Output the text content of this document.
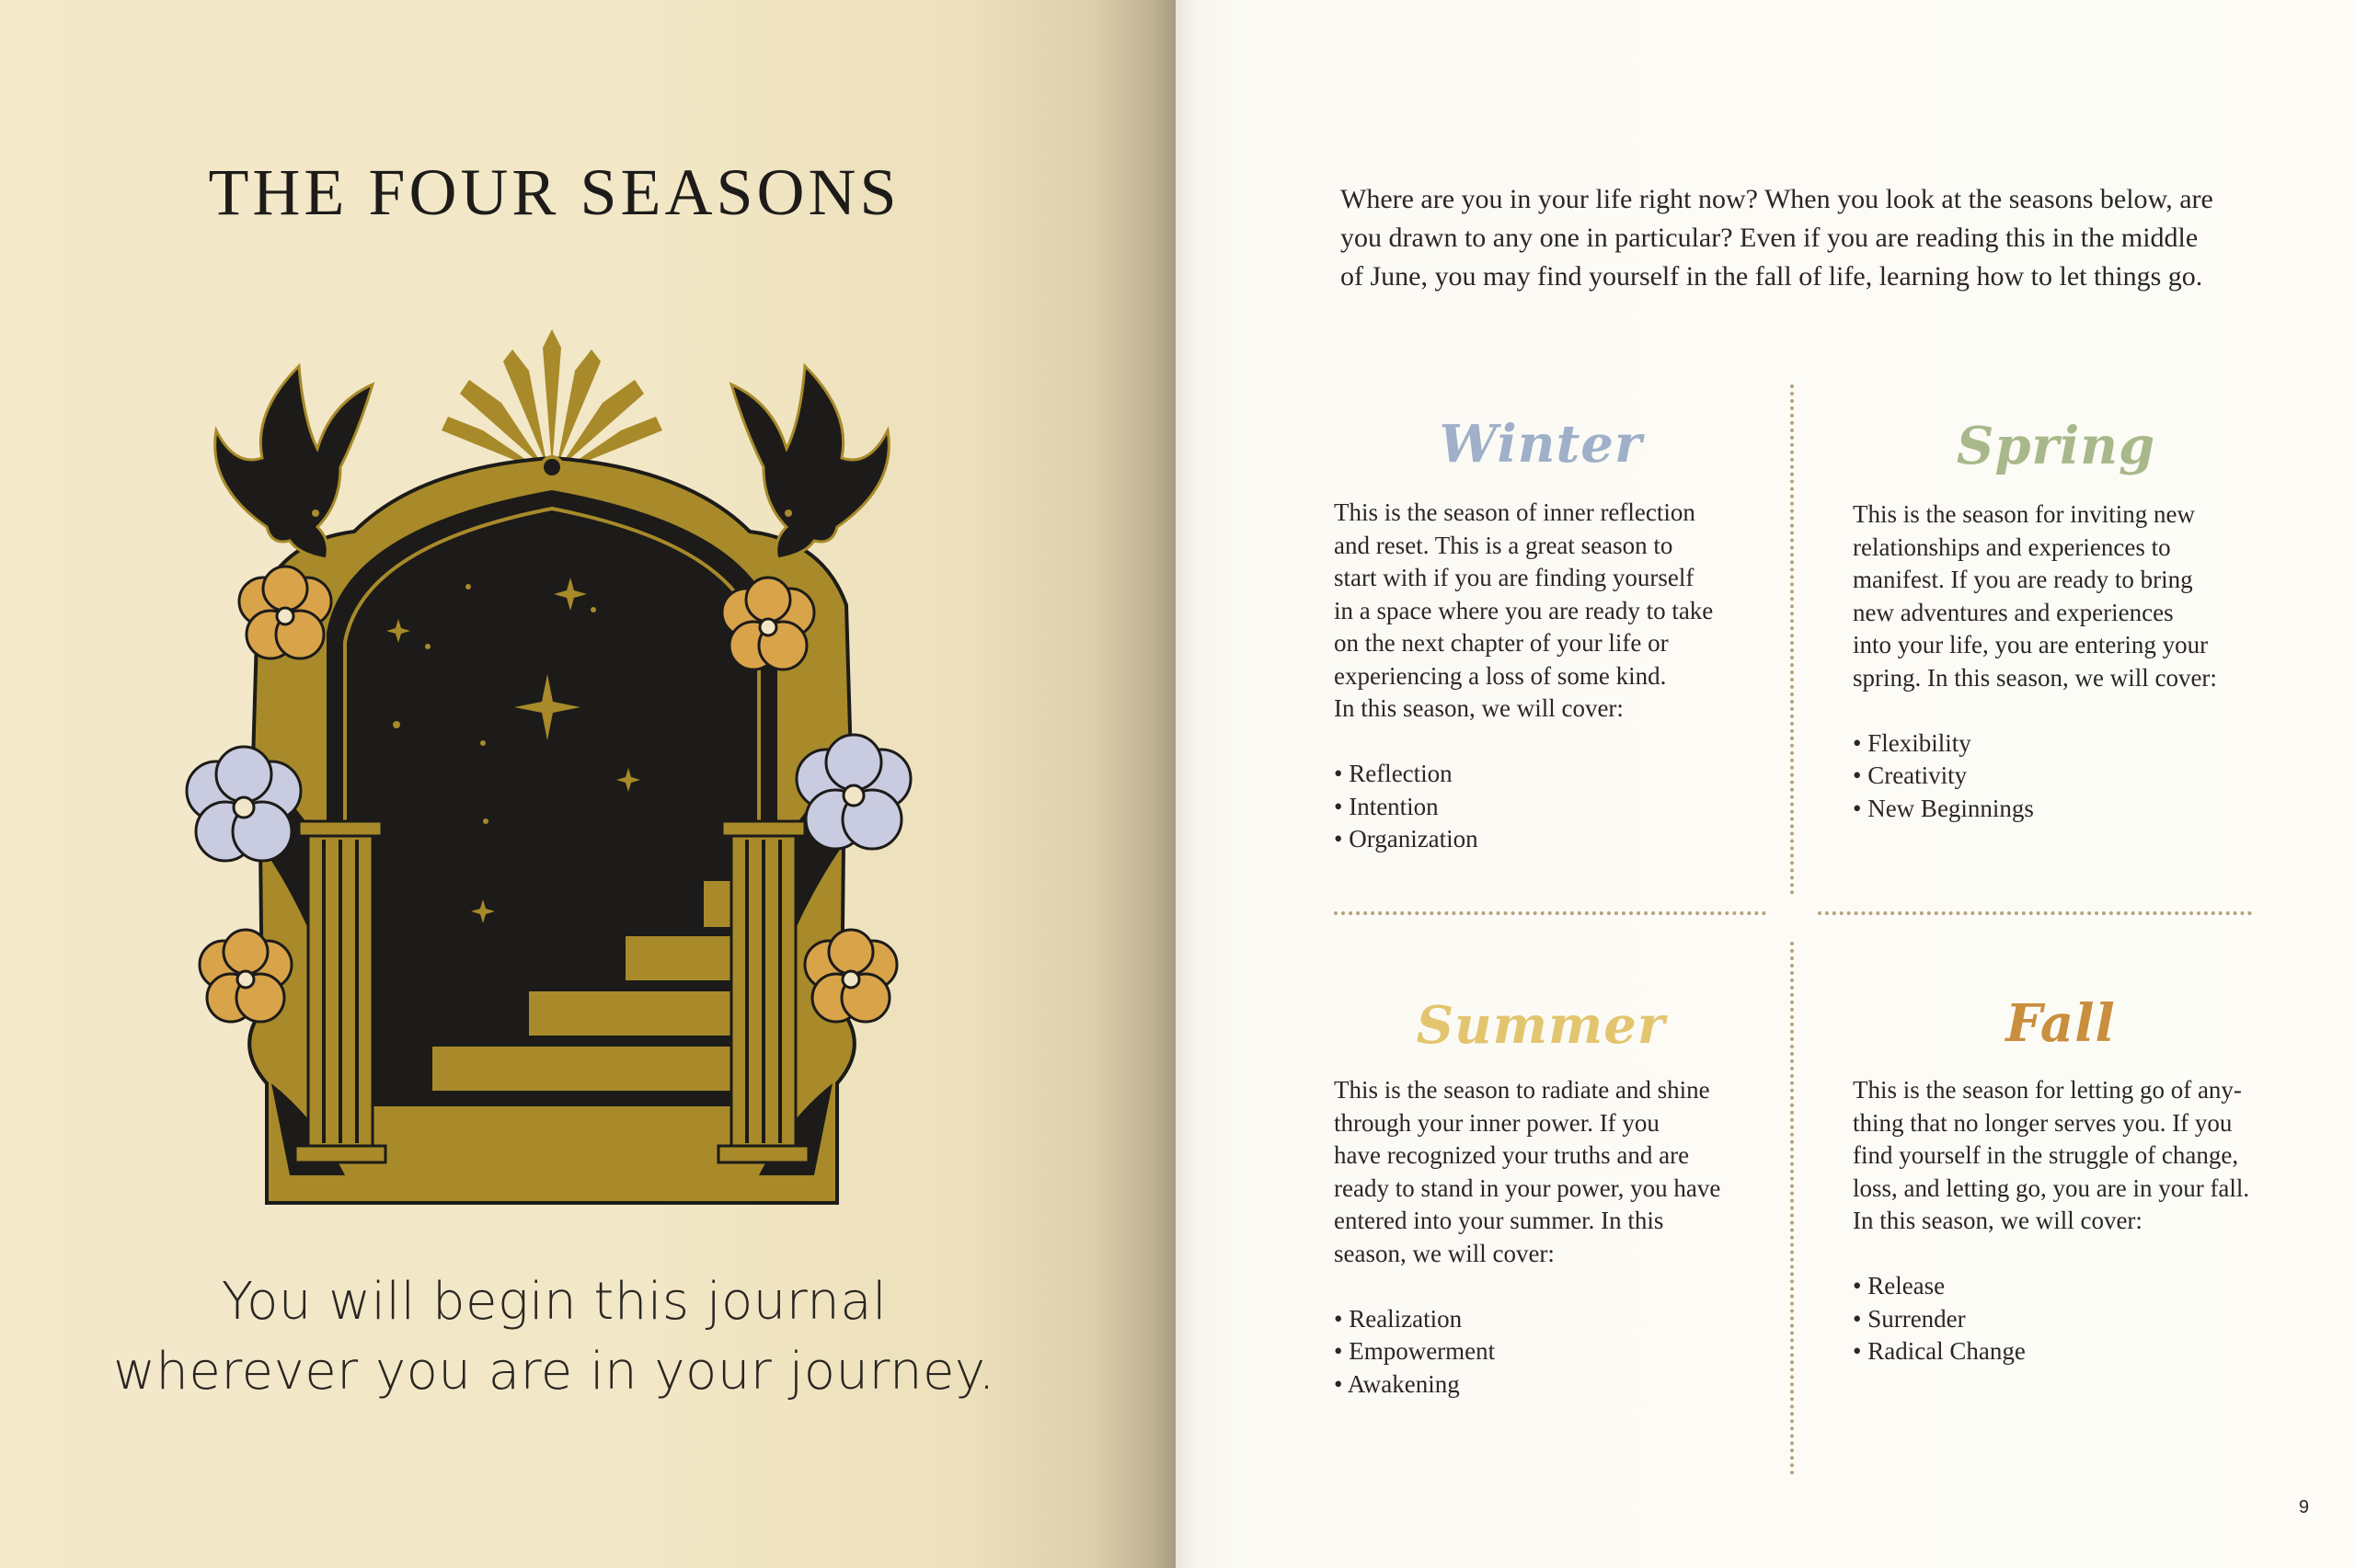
THE FOUR SEASONS
You will begin this journal
wherever you are in your journey.
Where are you in your life right now? When you look at the seasons below, are
you drawn to any one in particular? Even if you are reading this in the middle
of June, you may find yourself in the fall of life, learning how to let things go.
Winter
This is the season of inner reflection
and reset. This is a great season to
start with if you are finding yourself
in a space where you are ready to take
on the next chapter of your life or
experiencing a loss of some kind.
In this season, we will cover:
• Reflection
• Intention
• Organization
Spring
This is the season for inviting new
relationships and experiences to
manifest. If you are ready to bring
new adventures and experiences
into your life, you are entering your
spring. In this season, we will cover:
• Flexibility
• Creativity
• New Beginnings
Summer
This is the season to radiate and shine
through your inner power. If you
have recognized your truths and are
ready to stand in your power, you have
entered into your summer. In this
season, we will cover:
• Realization
• Empowerment
• Awakening
Fall
This is the season for letting go of any-
thing that no longer serves you. If you
find yourself in the struggle of change,
loss, and letting go, you are in your fall.
In this season, we will cover:
• Release
• Surrender
• Radical Change
9
